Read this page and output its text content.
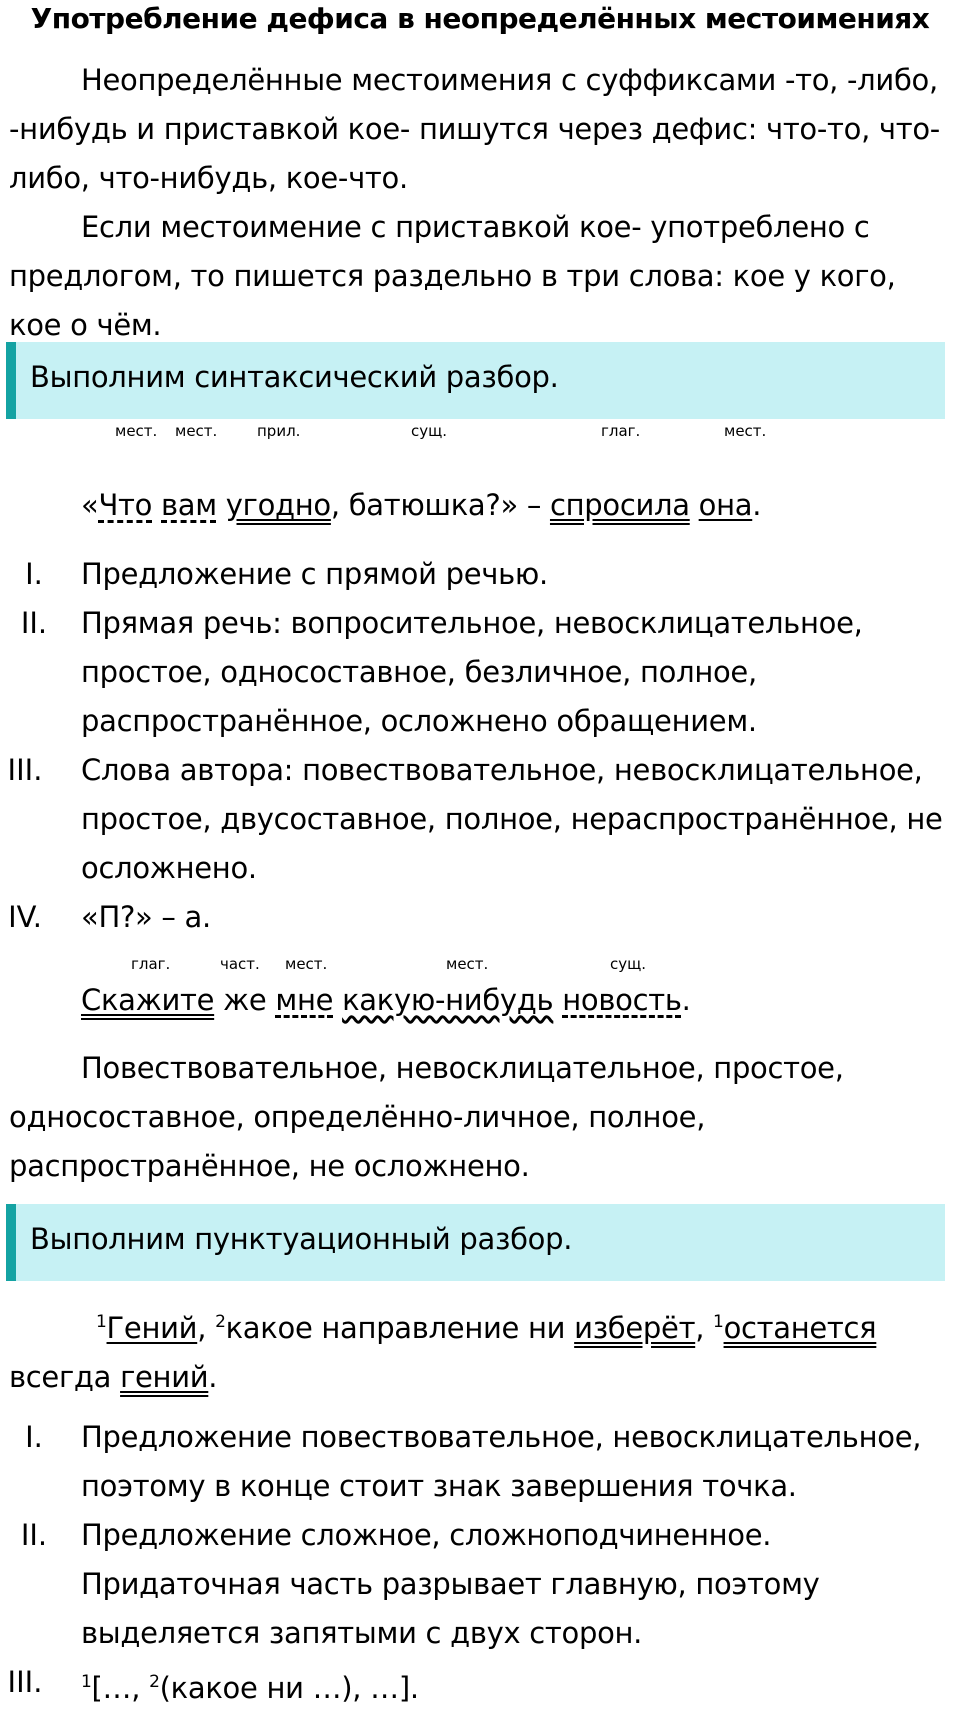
Употребление дефиса в неопределённых местоимениях
Неопределённые местоимения с суффиксами -то, -либо, -нибудь и приставкой кое- пишутся через дефис: что-то, что-либо, что-нибудь, кое-что.
Если местоимение с приставкой кое- употреблено с предлогом, то пишется раздельно в три слова: кое у кого, кое о чём.
Выполним синтаксический разбор.
мест. мест.	прил.	сущ.	глаг.	мест.
«Что вам угодно, батюшка?» – спросила она.
I.	Предложение с прямой речью.
II.	Прямая речь: вопросительное, невосклицательное, простое, односоставное, безличное, полное, распространённое, осложнено обращением.
III. Слова автора: повествовательное, невосклицательное, простое, двусоставное, полное, нераспространённое, не осложнено.
IV. «П?» – а.
глаг.	част. мест.	мест.	сущ.
Скажите же мне какую-нибудь новость.
Повествовательное, невосклицательное, простое, односоставное, определённо-личное, полное, распространённое, не осложнено.
Выполним пунктуационный разбор.
$^1$Гений, $^2$какое направление ни изберёт, $^1$останется
всегда гений.
I.	Предложение повествовательное, невосклицательное, поэтому в конце стоит знак завершения точка.
II.	Предложение сложное, сложноподчиненное. Придаточная часть разрывает главную, поэтому выделяется запятыми с двух сторон.
III.	$^1$[…, $^2$(какое ни …), …].
